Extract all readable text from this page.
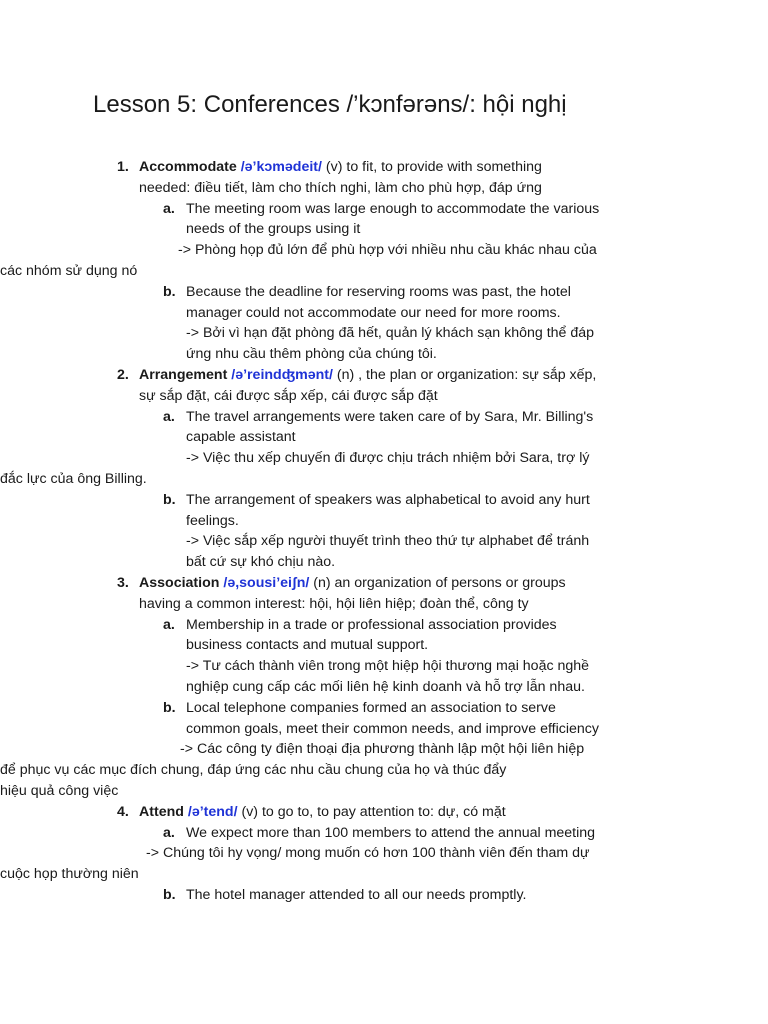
Lesson 5: Conferences /’kɔnfərəns/: hội nghị
1. Accommodate /ə’kɔmədeit/ (v) to fit, to provide with something
needed: điều tiết, làm cho thích nghi, làm cho phù hợp, đáp ứng
a. The meeting room was large enough to accommodate the various
needs of the groups using it
-> Phòng họp đủ lớn để phù hợp với nhiều nhu cầu khác nhau của
các nhóm sử dụng nó
b. Because the deadline for reserving rooms was past, the hotel
manager could not accommodate our need for more rooms.
-> Bởi vì hạn đặt phòng đã hết, quản lý khách sạn không thể đáp
ứng nhu cầu thêm phòng của chúng tôi.
2. Arrangement /ə’reindʤmənt/ (n) , the plan or organization: sự sắp xếp,
sự sắp đặt, cái được sắp xếp, cái được sắp đặt
a. The travel arrangements were taken care of by Sara, Mr. Billing's
capable assistant
-> Việc thu xếp chuyến đi được chịu trách nhiệm bởi Sara, trợ lý
đắc lực của ông Billing.
b. The arrangement of speakers was alphabetical to avoid any hurt
feelings.
-> Việc sắp xếp người thuyết trình theo thứ tự alphabet để tránh
bất cứ sự khó chịu nào.
3. Association /ə,sousi’eiʃn/ (n) an organization of persons or groups
having a common interest: hội, hội liên hiệp; đoàn thể, công ty
a. Membership in a trade or professional association provides
business contacts and mutual support.
-> Tư cách thành viên trong một hiệp hội thương mại hoặc nghề
nghiệp cung cấp các mối liên hệ kinh doanh và hỗ trợ lẫn nhau.
b. Local telephone companies formed an association to serve
common goals, meet their common needs, and improve efficiency
-> Các công ty điện thoại địa phương thành lập một hội liên hiệp
để phục vụ các mục đích chung, đáp ứng các nhu cầu chung của họ và thúc đẩy
hiệu quả công việc
4. Attend /ə’tend/ (v) to go to, to pay attention to: dự, có mặt
a. We expect more than 100 members to attend the annual meeting
-> Chúng tôi hy vọng/ mong muốn có hơn 100 thành viên đến tham dự
cuộc họp thường niên
b. The hotel manager attended to all our needs promptly.
